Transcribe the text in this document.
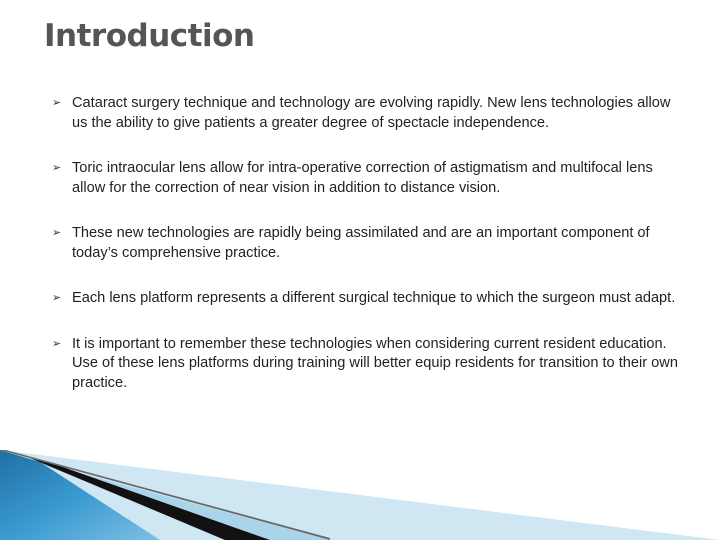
Introduction
➢ Cataract surgery technique and technology are evolving rapidly. New lens technologies allow us the ability to give patients a greater degree of spectacle independence.
➢ Toric intraocular lens allow for intra-operative correction of astigmatism and multifocal lens allow for the correction of near vision in addition to distance vision.
➢ These new technologies are rapidly being assimilated and are an important component of today’s comprehensive practice.
➢ Each lens platform represents a different surgical technique to which the surgeon must adapt.
➢ It is important to remember these technologies when considering current resident education. Use of these lens platforms during training will better equip residents for transition to their own practice.
